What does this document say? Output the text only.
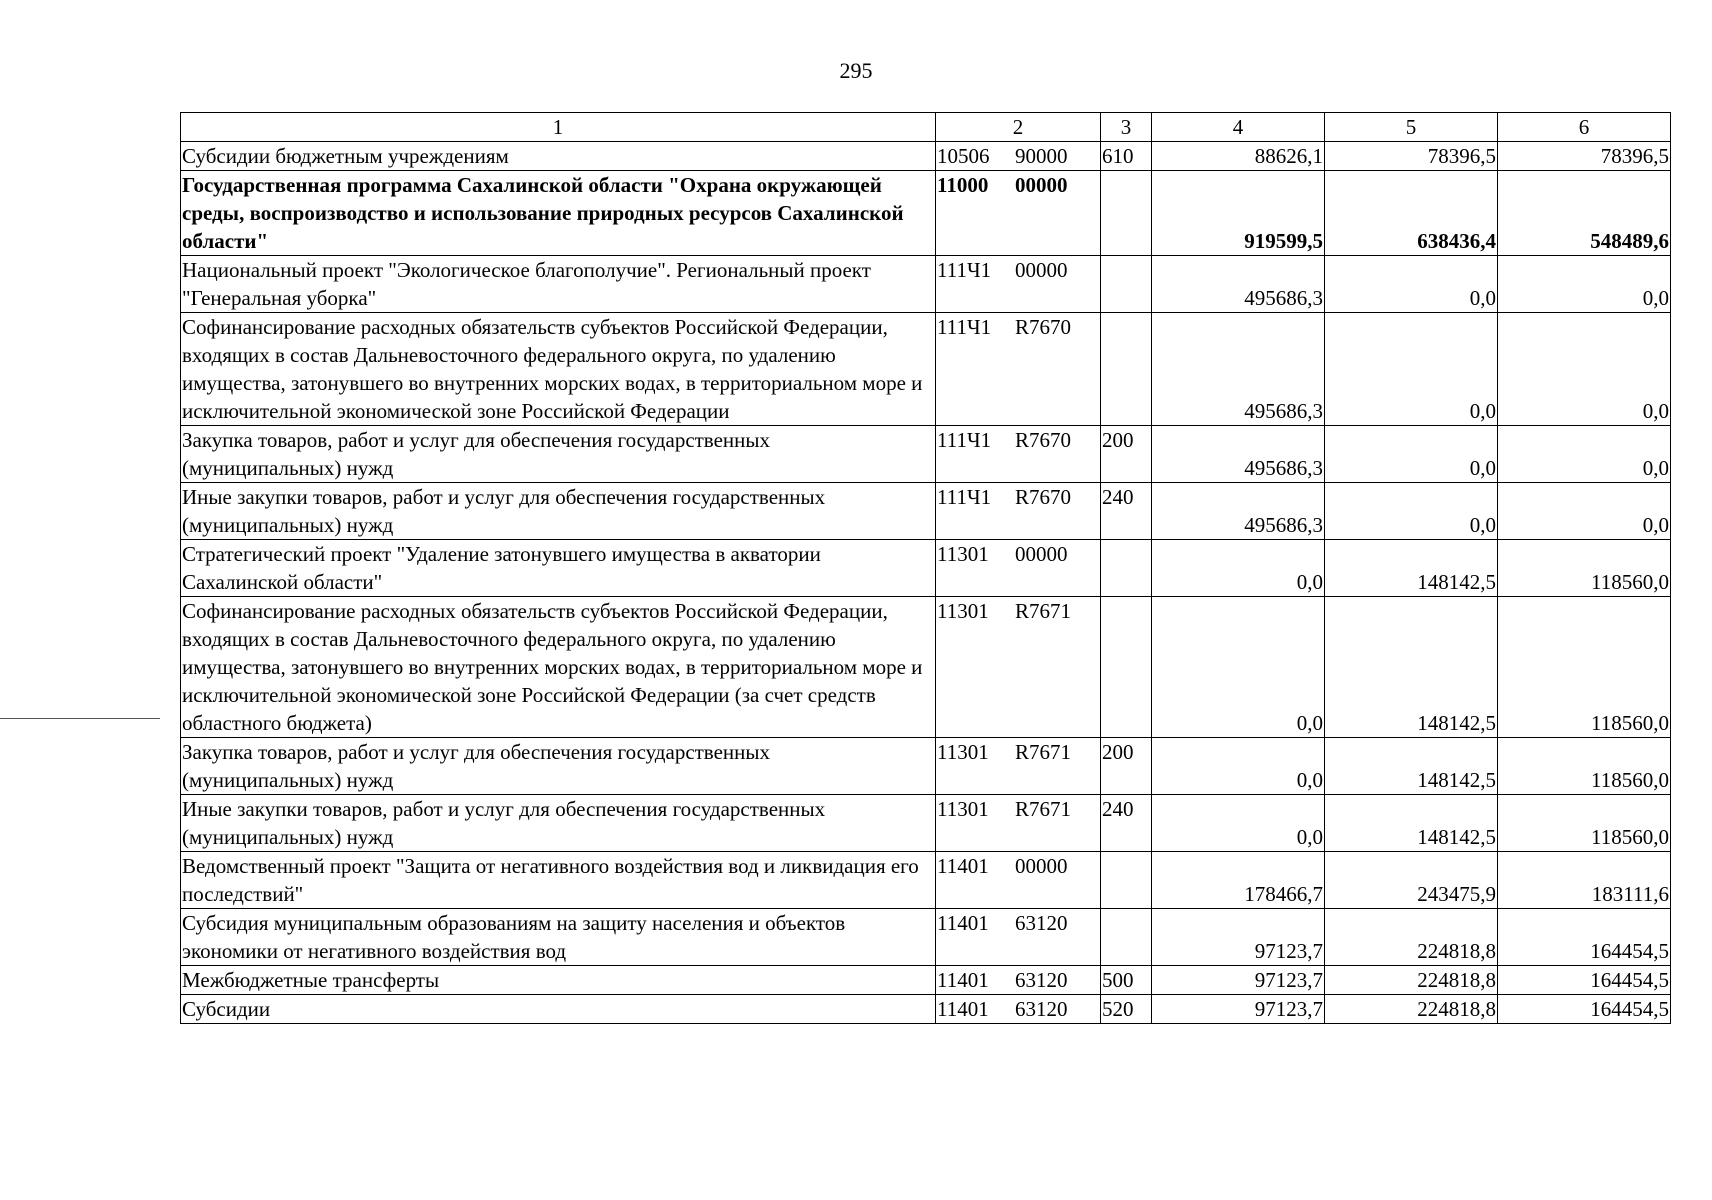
295
1	2	3	4	5	6
Субсидии бюджетным учреждениям	10506 90000	610	88626,1	78396,5	78396,5
Государственная программа Сахалинской области "Охрана окружающей среды, воспроизводство и использование природных ресурсов Сахалинской области"	11000 00000		919599,5	638436,4	548489,6
Национальный проект "Экологическое благополучие". Региональный проект "Генеральная уборка"	111Ч1 00000		495686,3	0,0	0,0
Софинансирование расходных обязательств субъектов Российской Федерации, входящих в состав Дальневосточного федерального округа, по удалению имущества, затонувшего во внутренних морских водах, в территориальном море и исключительной экономической зоне Российской Федерации	111Ч1 R7670		495686,3	0,0	0,0
Закупка товаров, работ и услуг для обеспечения государственных (муниципальных) нужд	111Ч1 R7670	200	495686,3	0,0	0,0
Иные закупки товаров, работ и услуг для обеспечения государственных (муниципальных) нужд	111Ч1 R7670	240	495686,3	0,0	0,0
Стратегический проект "Удаление затонувшего имущества в акватории Сахалинской области"	11301 00000		0,0	148142,5	118560,0
Софинансирование расходных обязательств субъектов Российской Федерации, входящих в состав Дальневосточного федерального округа, по удалению имущества, затонувшего во внутренних морских водах, в территориальном море и исключительной экономической зоне Российской Федерации (за счет средств областного бюджета)	11301 R7671		0,0	148142,5	118560,0
Закупка товаров, работ и услуг для обеспечения государственных (муниципальных) нужд	11301 R7671	200	0,0	148142,5	118560,0
Иные закупки товаров, работ и услуг для обеспечения государственных (муниципальных) нужд	11301 R7671	240	0,0	148142,5	118560,0
Ведомственный проект "Защита от негативного воздействия вод и ликвидация его последствий"	11401 00000		178466,7	243475,9	183111,6
Субсидия муниципальным образованиям на защиту населения и объектов экономики от негативного воздействия вод	11401 63120		97123,7	224818,8	164454,5
Межбюджетные трансферты	11401 63120	500	97123,7	224818,8	164454,5
Субсидии	11401 63120	520	97123,7	224818,8	164454,5
